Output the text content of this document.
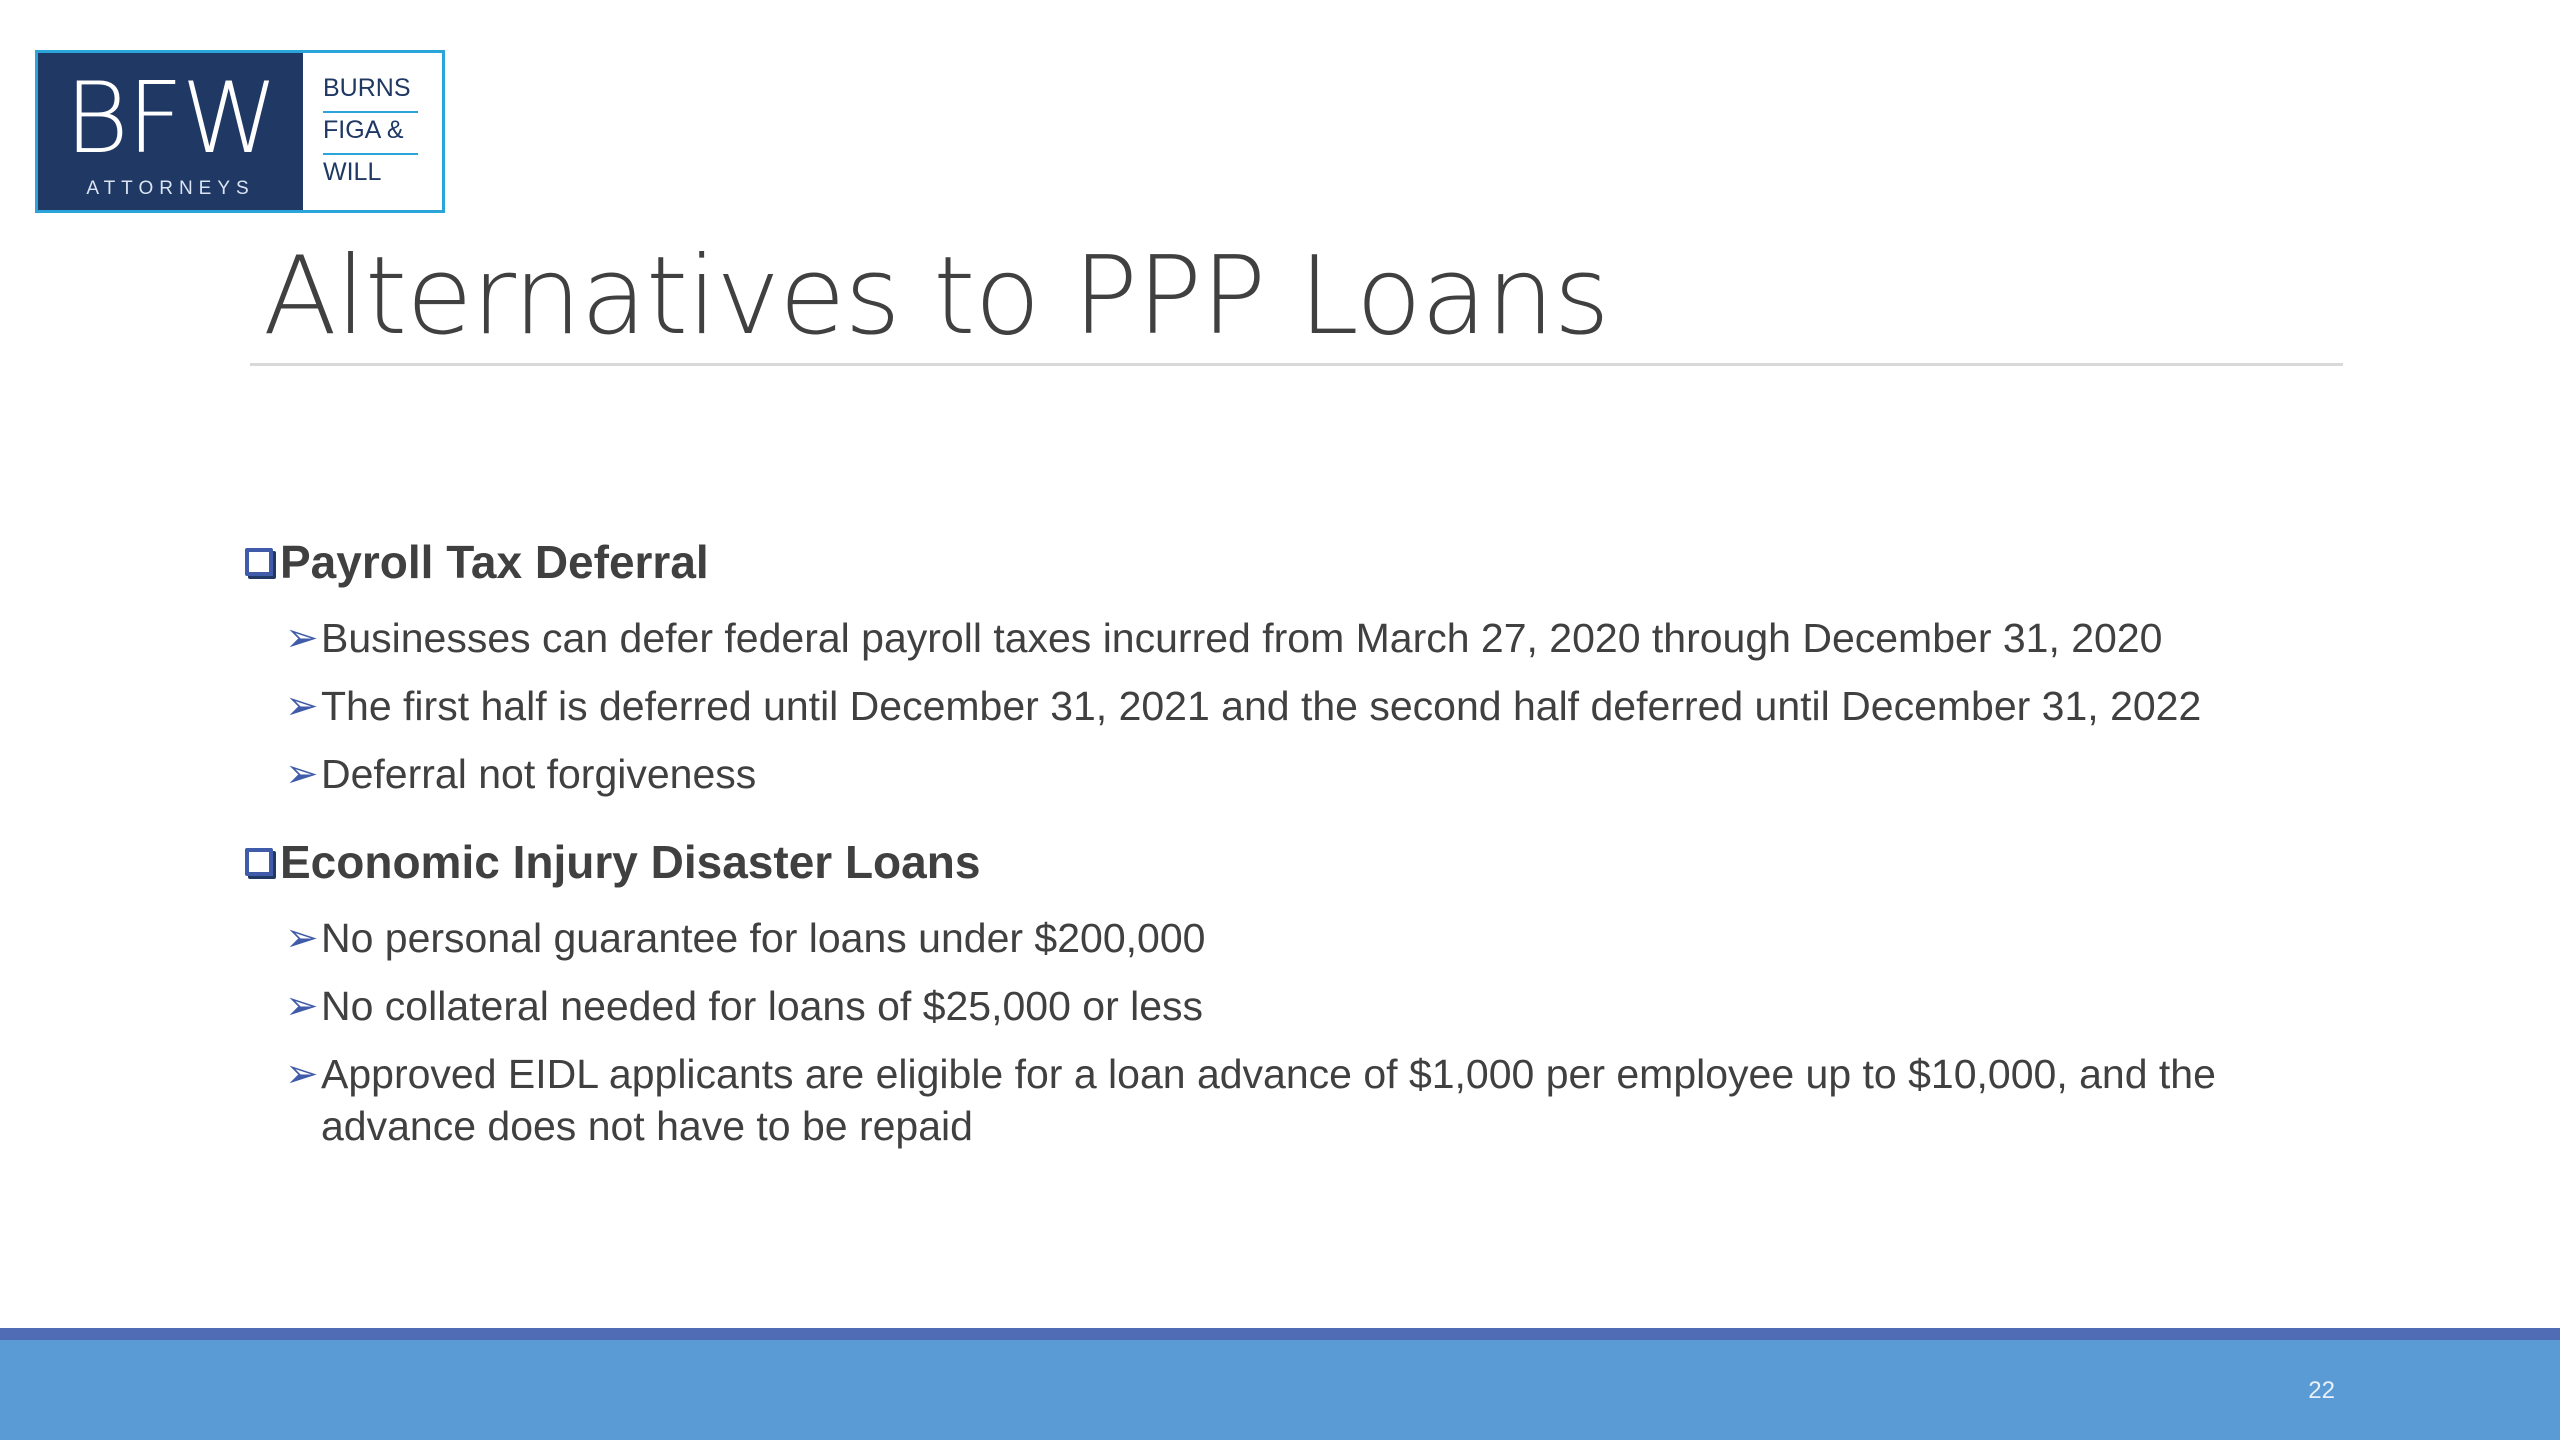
BFW
ATTORNEYS
BURNS
FIGA &
WILL
Alternatives to PPP Loans
Payroll Tax Deferral
➢ Businesses can defer federal payroll taxes incurred from March 27, 2020 through December 31, 2020
➢ The first half is deferred until December 31, 2021 and the second half deferred until December 31, 2022
➢ Deferral not forgiveness
Economic Injury Disaster Loans
➢ No personal guarantee for loans under $200,000
➢ No collateral needed for loans of $25,000 or less
➢ Approved EIDL applicants are eligible for a loan advance of $1,000 per employee up to $10,000, and the advance does not have to be repaid
22
